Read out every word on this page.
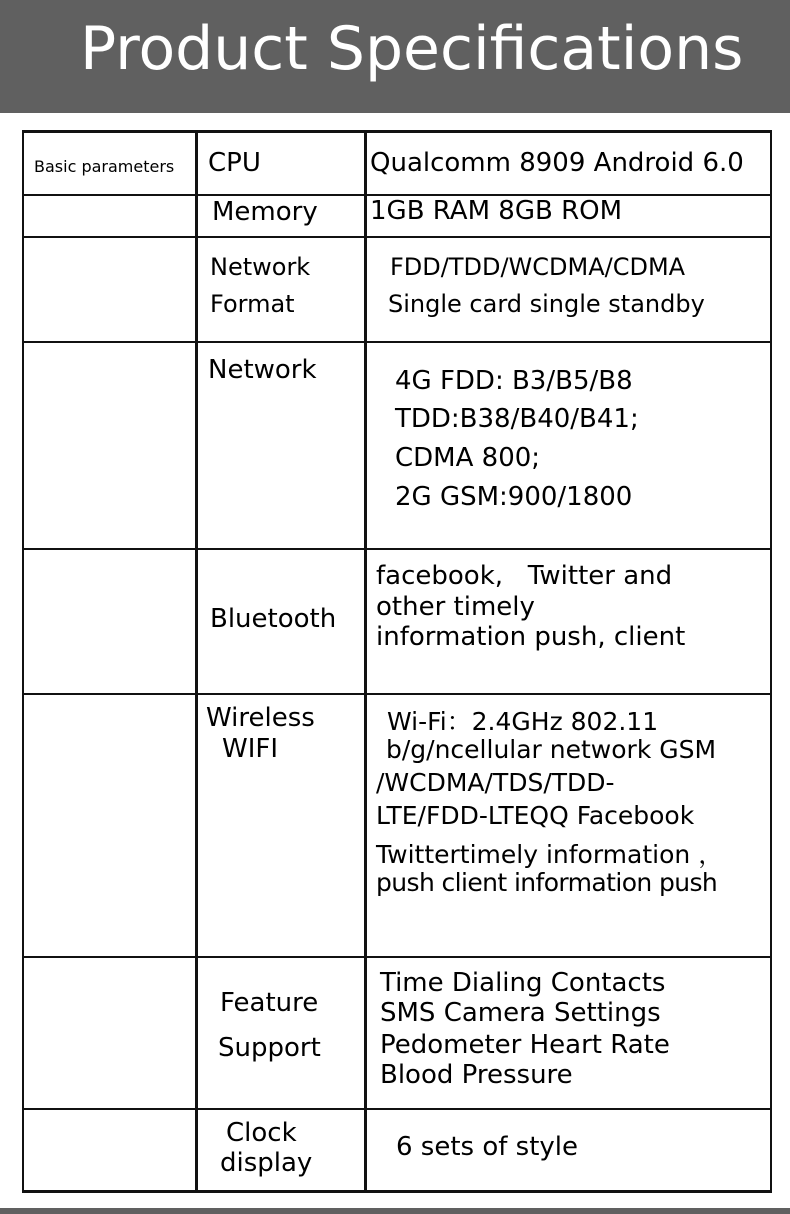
Product Specifications
Basic parameters CPU	Qualcomm 8909 Android 6.0
Memory 1GB RAM 8GB ROM
Network
Format
FDD/TDD/WCDMA/CDMA
Single card single standby
Network	4G FDD: B3/B5/B8
TDD:B38/B40/B41;
CDMA 800;
2G GSM:900/1800
Bluetooth
facebook,   Twitter and
other timely
information push, client
Wireless
WIFI
Wi-Fi：2.4GHz 802.11
b/g/ncellular network GSM
/WCDMA/TDS/TDD-
LTE/FDD-LTEQQ Facebook
Twittertimely information ，
push client information push
Feature
Support
Time Dialing Contacts
SMS Camera Settings
Pedometer Heart Rate
Blood Pressure
Clock
display
6 sets of style
